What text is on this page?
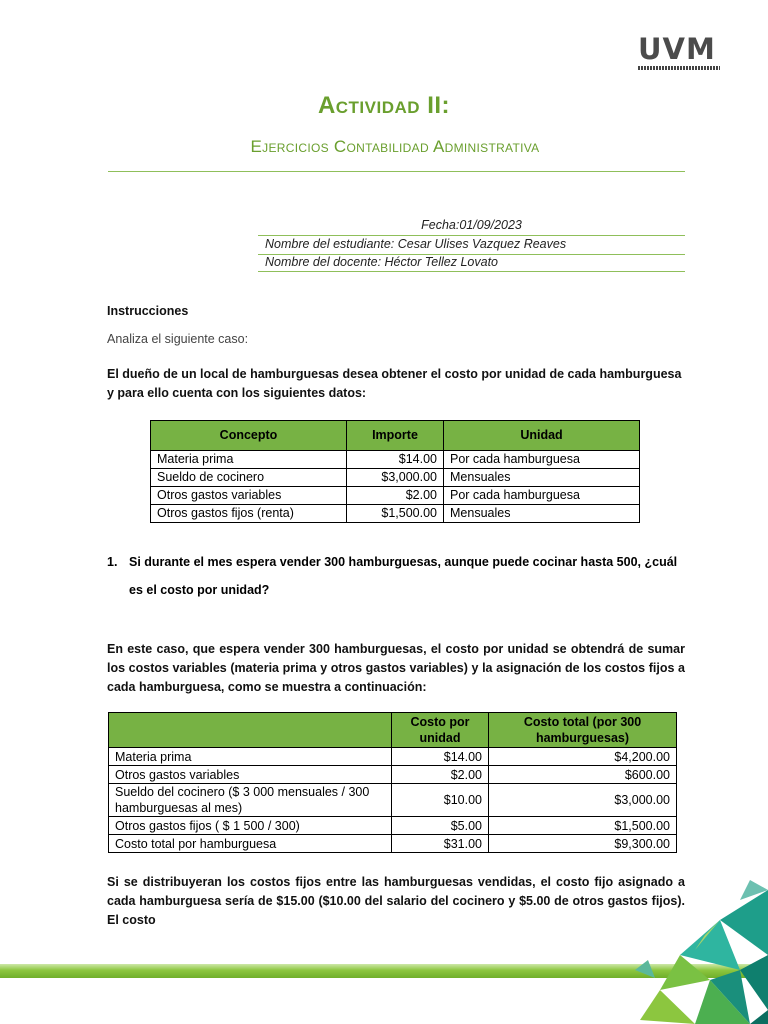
UVM
Actividad II:
Ejercicios Contabilidad Administrativa
Fecha:01/09/2023
Nombre del estudiante: Cesar Ulises Vazquez Reaves
Nombre del docente: Héctor Tellez Lovato
Instrucciones
Analiza el siguiente caso:
El dueño de un local de hamburguesas desea obtener el costo por unidad de cada hamburguesa y para ello cuenta con los siguientes datos:
Concepto	Importe	Unidad
Materia prima	$14.00	Por cada hamburguesa
Sueldo de cocinero	$3,000.00	Mensuales
Otros gastos variables	$2.00	Por cada hamburguesa
Otros gastos fijos (renta)	$1,500.00	Mensuales
1. Si durante el mes espera vender 300 hamburguesas, aunque puede cocinar hasta 500, ¿cuál es el costo por unidad?
En este caso, que espera vender 300 hamburguesas, el costo por unidad se obtendrá de sumar los costos variables (materia prima y otros gastos variables) y la asignación de los costos fijos a cada hamburguesa, como se muestra a continuación:
	Costo por unidad	Costo total (por 300 hamburguesas)
Materia prima	$14.00	$4,200.00
Otros gastos variables	$2.00	$600.00
Sueldo del cocinero ($ 3 000 mensuales / 300 hamburguesas al mes)	$10.00	$3,000.00
Otros gastos fijos ( $ 1 500 / 300)	$5.00	$1,500.00
Costo total por hamburguesa	$31.00	$9,300.00
Si se distribuyeran los costos fijos entre las hamburguesas vendidas, el costo fijo asignado a cada hamburguesa sería de $15.00 ($10.00 del salario del cocinero y $5.00 de otros gastos fijos). El costo
